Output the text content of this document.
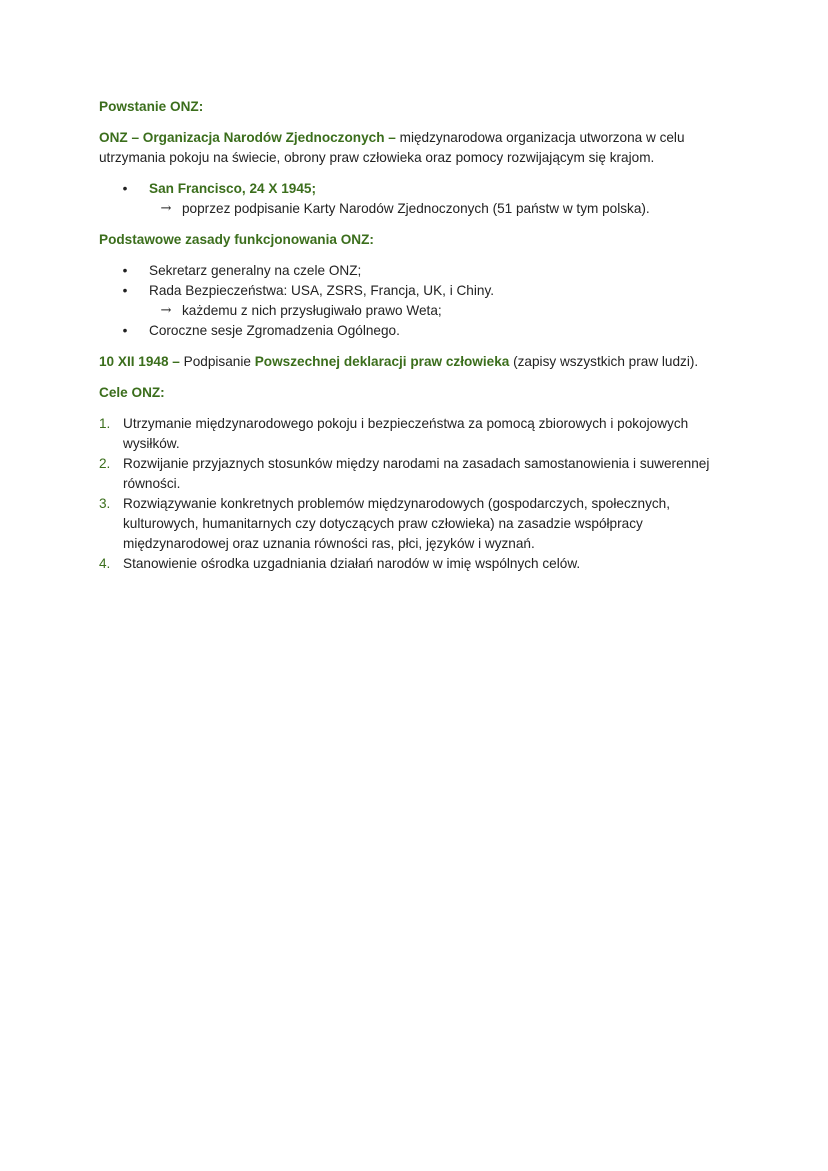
Powstanie ONZ:

ONZ – Organizacja Narodów Zjednoczonych – międzynarodowa organizacja utworzona w celu utrzymania pokoju na świecie, obrony praw człowieka oraz pomocy rozwijającym się krajom.

•	San Francisco, 24 X 1945;
→ poprzez podpisanie Karty Narodów Zjednoczonych (51 państw w tym polska).

Podstawowe zasady funkcjonowania ONZ:

•	Sekretarz generalny na czele ONZ;
•	Rada Bezpieczeństwa: USA, ZSRS, Francja, UK, i Chiny.
→ każdemu z nich przysługiwało prawo Weta;
•	Coroczne sesje Zgromadzenia Ogólnego.

10 XII 1948 – Podpisanie Powszechnej deklaracji praw człowieka (zapisy wszystkich praw ludzi).

Cele ONZ:

1. Utrzymanie międzynarodowego pokoju i bezpieczeństwa za pomocą zbiorowych i pokojowych wysiłków.
2. Rozwijanie przyjaznych stosunków między narodami na zasadach samostanowienia i suwerennej równości.
3. Rozwiązywanie konkretnych problemów międzynarodowych (gospodarczych, społecznych, kulturowych, humanitarnych czy dotyczących praw człowieka) na zasadzie współpracy międzynarodowej oraz uznania równości ras, płci, języków i wyznań.
4. Stanowienie ośrodka uzgadniania działań narodów w imię wspólnych celów.
